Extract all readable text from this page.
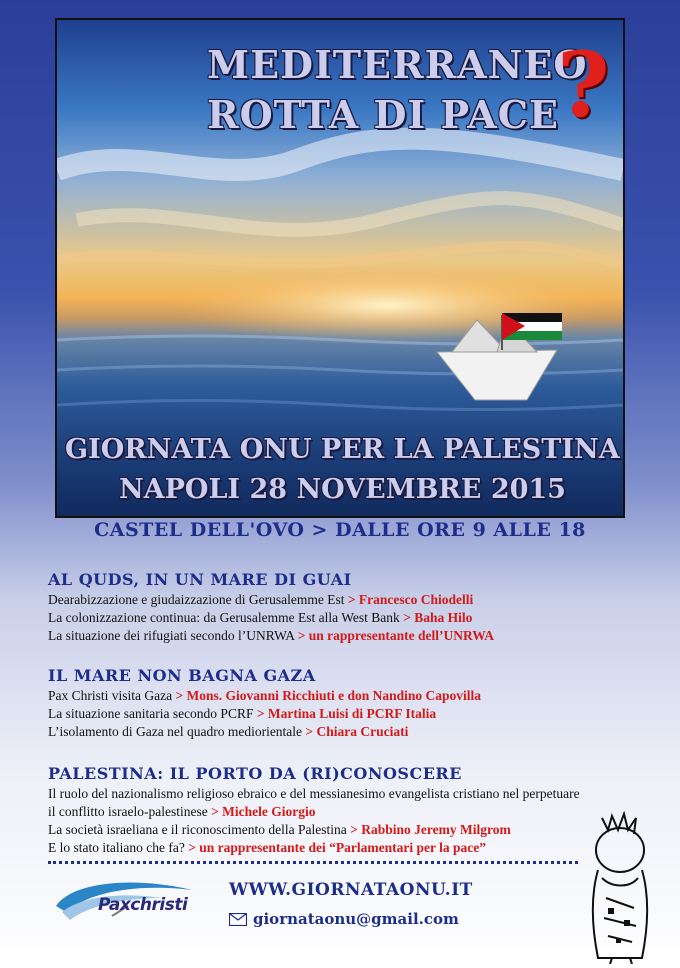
MEDITERRANEO
ROTTA DI PACE
?
GIORNATA ONU PER LA PALESTINA
NAPOLI 28 NOVEMBRE 2015
CASTEL DELL'OVO > DALLE ORE 9 ALLE 18
AL QUDS, IN UN MARE DI GUAI
Dearabizzazione e giudaizzazione di Gerusalemme Est > Francesco Chiodelli
La colonizzazione continua: da Gerusalemme Est alla West Bank > Baha Hilo
La situazione dei rifugiati secondo l’UNRWA > un rappresentante dell’UNRWA
IL MARE NON BAGNA GAZA
Pax Christi visita Gaza > Mons. Giovanni Ricchiuti e don Nandino Capovilla
La situazione sanitaria secondo PCRF > Martina Luisi di PCRF Italia
L’isolamento di Gaza nel quadro mediorientale > Chiara Cruciati
PALESTINA: IL PORTO DA (RI)CONOSCERE
Il ruolo del nazionalismo religioso ebraico e del messianesimo evangelista cristiano nel perpetuare
il conflitto israelo-palestinese > Michele Giorgio
La società israeliana e il riconoscimento della Palestina > Rabbino Jeremy Milgrom
E lo stato italiano che fa? > un rappresentante dei “Parlamentari per la pace”
Paxchristi
WWW.GIORNATAONU.IT
giornataonu@gmail.com
